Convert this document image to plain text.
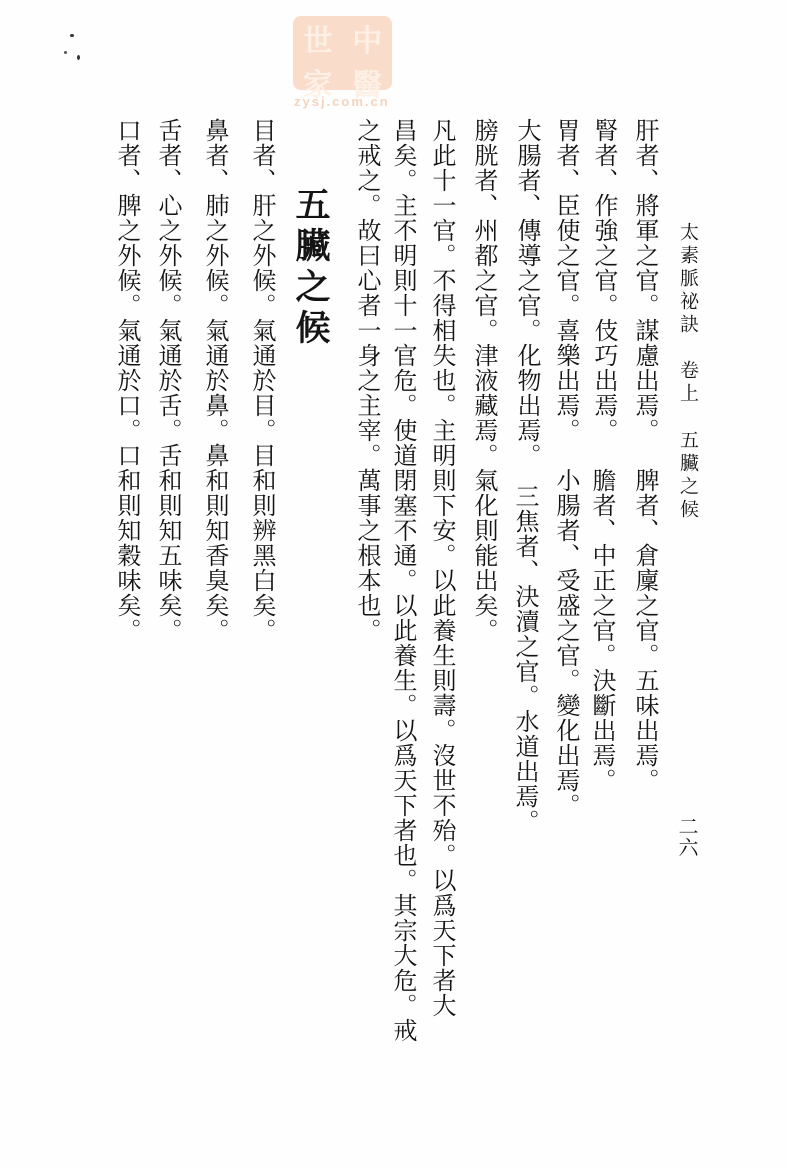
世 中
家 醫
zysj.com.cn
太素脈祕訣
卷上
五臟之候
二六
肝者、將軍之官。謀慮出焉。
腎者、作強之官。伎巧出焉。
胃者、臣使之官。喜樂出焉。
大腸者、傳導之官。化物出焉。
膀胱者、州都之官。津液藏焉。氣化則能出矣。
凡此十一官。不得相失也。主明則下安。以此養生則壽。沒世不殆。以爲天下者大
昌矣。主不明則十一官危。使道閉塞不通。以此養生。以爲天下者也。其宗大危。戒
之戒之。故曰心者一身之主宰。萬事之根本也。	脾者、倉廩之官。五味出焉。
膽者、中正之官。決斷出焉。
小腸者、受盛之官。變化出焉。
三焦者、決瀆之官。水道出焉。
五臟之候
目者、肝之外候。氣通於目。目和則辨黑白矣。
鼻者、肺之外候。氣通於鼻。鼻和則知香臭矣。
舌者、心之外候。氣通於舌。舌和則知五味矣。
口者、脾之外候。氣通於口。口和則知穀味矣。
